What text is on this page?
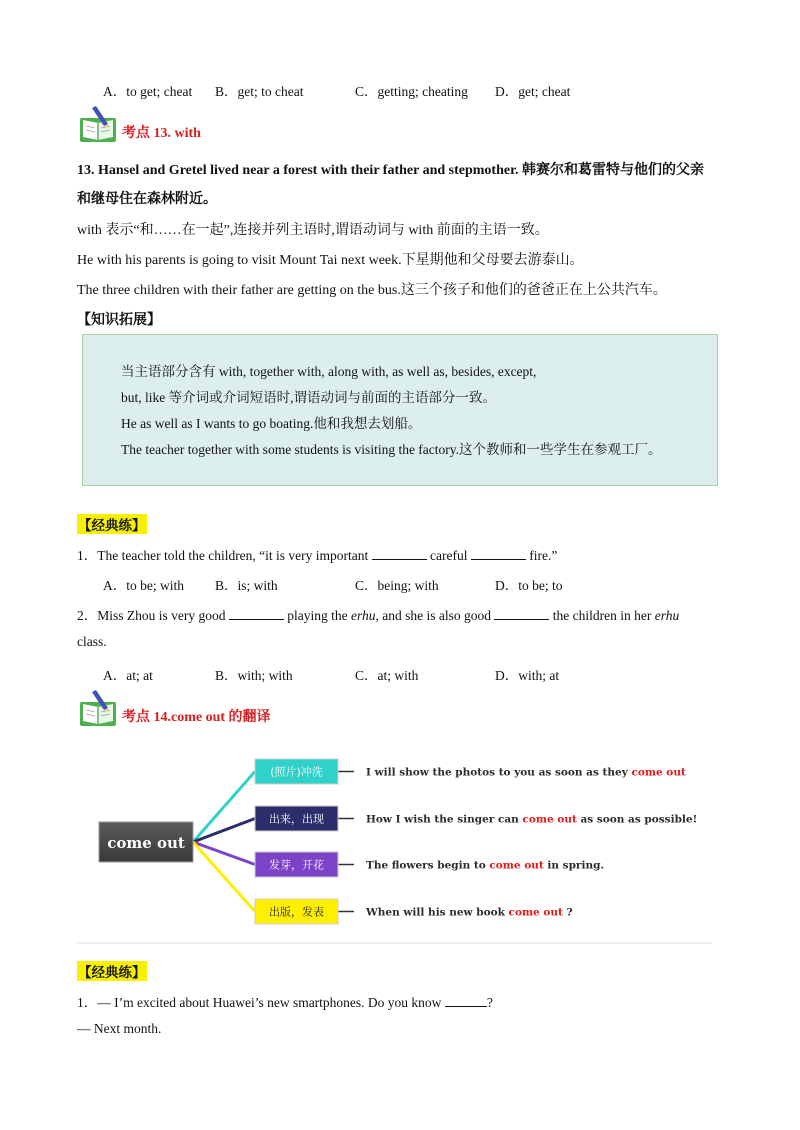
A．to get; cheat B．get; to cheat	C．getting; cheating D．get; cheat
考点 13. with
13. Hansel and Gretel lived near a forest with their father and stepmother. 韩赛尔和葛雷特与他们的父亲
和继母住在森林附近。
with 表示“和……在一起”,连接并列主语时,谓语动词与 with 前面的主语一致。
He with his parents is going to visit Mount Tai next week.下星期他和父母要去游泰山。
The three children with their father are getting on the bus.这三个孩子和他们的爸爸正在上公共汽车。
【知识拓展】
当主语部分含有 with, together with, along with, as well as, besides, except,
but, like 等介词或介词短语时,谓语动词与前面的主语部分一致。
He as well as I wants to go boating.他和我想去划船。
The teacher together with some students is visiting the factory.这个教师和一些学生在参观工厂。
【经典练】
1．The teacher told the children, “it is very important	careful	fire.”
A．to be; with B．is; with	C．being; with	D．to be; to
2．Miss Zhou is very good	playing the erhu, and she is also good	the children in her erhu
class.
A．at; at	B．with; with	C．at; with	D．with; at
考点 14.come out 的翻译
come out
(照片)冲洗	I will show the photos to you as soon as they come out
出来，出现	How I wish the singer can come out as soon as possible!
发芽，开花	The flowers begin to come out in spring.
出版，发表	When will his new book come out ?
【经典练】
1．— I’m excited about Huawei’s new smartphones. Do you know	?
— Next month.
